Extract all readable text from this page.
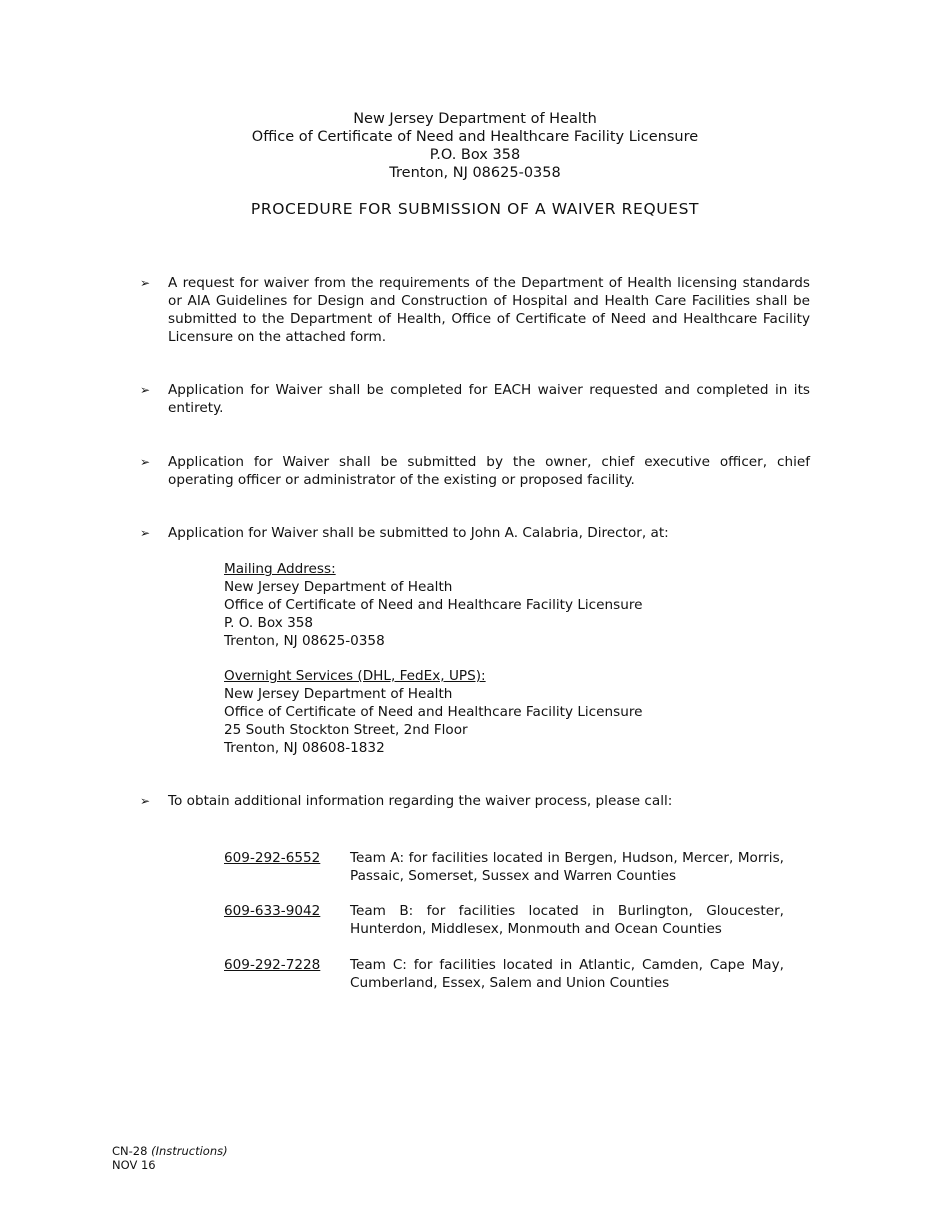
New Jersey Department of Health
Office of Certificate of Need and Healthcare Facility Licensure
P.O. Box 358
Trenton, NJ 08625-0358
PROCEDURE FOR SUBMISSION OF A WAIVER REQUEST
➢ A request for waiver from the requirements of the Department of Health licensing standards or AIA Guidelines for Design and Construction of Hospital and Health Care Facilities shall be submitted to the Department of Health, Office of Certificate of Need and Healthcare Facility Licensure on the attached form.
➢ Application for Waiver shall be completed for EACH waiver requested and completed in its entirety.
➢ Application for Waiver shall be submitted by the owner, chief executive officer, chief operating officer or administrator of the existing or proposed facility.
➢ Application for Waiver shall be submitted to John A. Calabria, Director, at:
Mailing Address:
New Jersey Department of Health
Office of Certificate of Need and Healthcare Facility Licensure
P. O. Box 358
Trenton, NJ 08625-0358
Overnight Services (DHL, FedEx, UPS):
New Jersey Department of Health
Office of Certificate of Need and Healthcare Facility Licensure
25 South Stockton Street, 2nd Floor
Trenton, NJ 08608-1832
➢ To obtain additional information regarding the waiver process, please call:
609-292-6552 Team A: for facilities located in Bergen, Hudson, Mercer, Morris, Passaic, Somerset, Sussex and Warren Counties
609-633-9042 Team B: for facilities located in Burlington, Gloucester, Hunterdon, Middlesex, Monmouth and Ocean Counties
609-292-7228 Team C: for facilities located in Atlantic, Camden, Cape May, Cumberland, Essex, Salem and Union Counties
CN-28 (Instructions)
NOV 16
